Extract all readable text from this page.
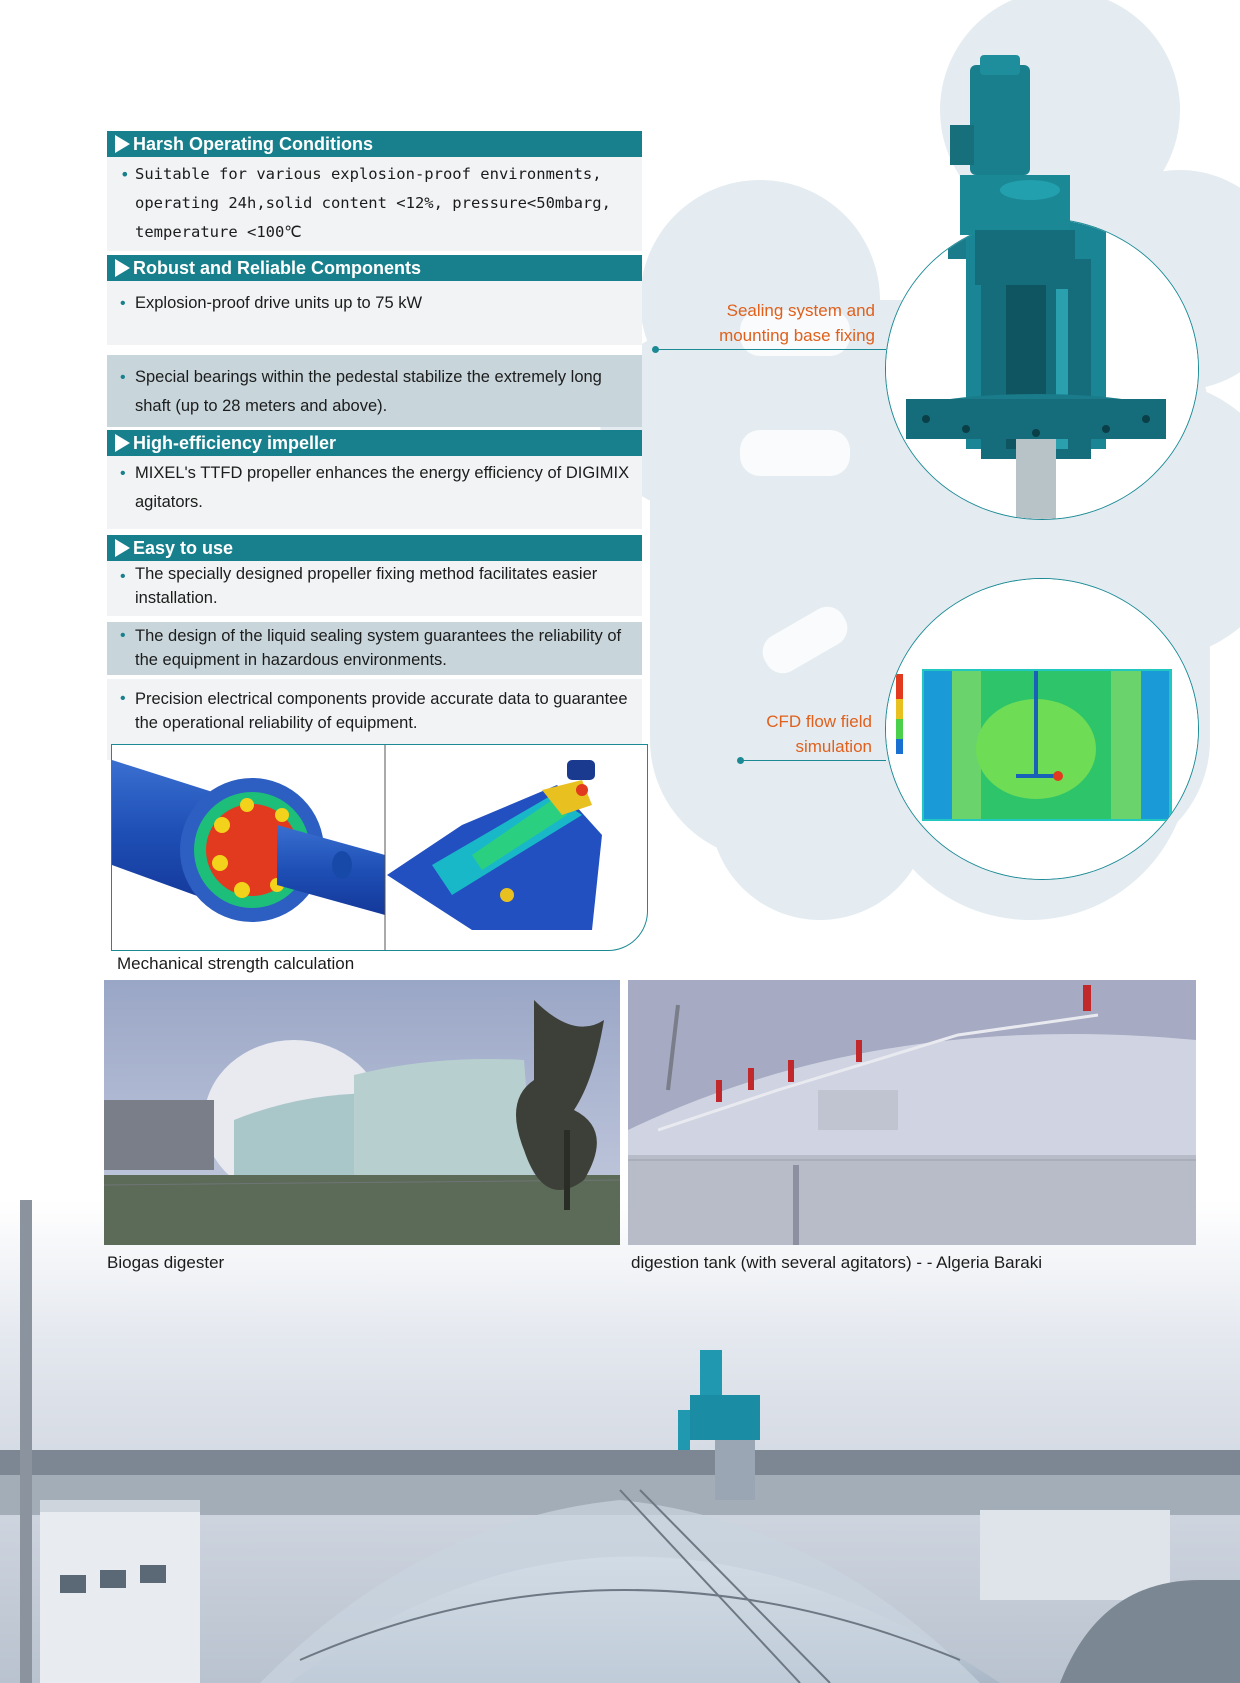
Harsh Operating Conditions
• Suitable for various explosion-proof environments, operating 24h,solid content <12%, pressure<50mbarg, temperature <100℃
Robust and Reliable Components
• Explosion-proof drive units up to 75 kW
• Special bearings within the pedestal stabilize the extremely long shaft (up to 28 meters and above).
High-efficiency impeller
• MIXEL's TTFD propeller enhances the energy efficiency of DIGIMIX agitators.
Easy to use
• The specially designed propeller fixing method facilitates easier installation.
• The design of the liquid sealing system guarantees the reliability of the equipment in hazardous environments.
• Precision electrical components provide accurate data to guarantee the operational reliability of equipment.
Mechanical strength calculation
Sealing system and
mounting base fixing
CFD flow field
simulation
Biogas digester	digestion tank (with several agitators) - - Algeria Baraki
